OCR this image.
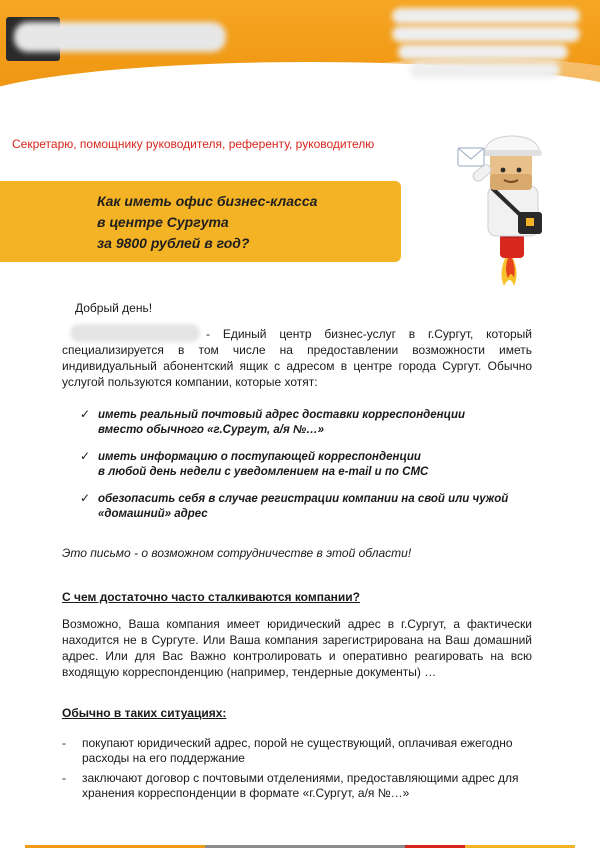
Секретарю, помощнику руководителя, референту, руководителю
Как иметь офис бизнес-класса
в центре Сургута
за 9800 рублей в год?
Добрый день!
- Единый центр бизнес-услуг в г.Сургут, который
специализируется в том числе на предоставлении возможности иметь
индивидуальный абонентский ящик с адресом в центре города Сургут. Обычно
услугой пользуются компании, которые хотят:
✓ иметь реальный почтовый адрес доставки корреспонденции
вместо обычного «г.Сургут, а/я №…»
✓ иметь информацию о поступающей корреспонденции
в любой день недели с уведомлением на e-mail и по СМС
✓ обезопасить себя в случае регистрации компании на свой или чужой
«домашний» адрес
Это письмо - о возможном сотрудничестве в этой области!
С чем достаточно часто сталкиваются компании?
Возможно, Ваша компания имеет юридический адрес в г.Сургут, а фактически
находится не в Сургуте. Или Ваша компания зарегистрирована на Ваш домашний
адрес. Или для Вас Важно контролировать и оперативно реагировать на всю
входящую корреспонденцию (например, тендерные документы) …
Обычно в таких ситуациях:
- покупают юридический адрес, порой не существующий, оплачивая ежегодно
расходы на его поддержание
- заключают договор с почтовыми отделениями, предоставляющими адрес для
хранения корреспонденции в формате «г.Сургут, а/я №…»
